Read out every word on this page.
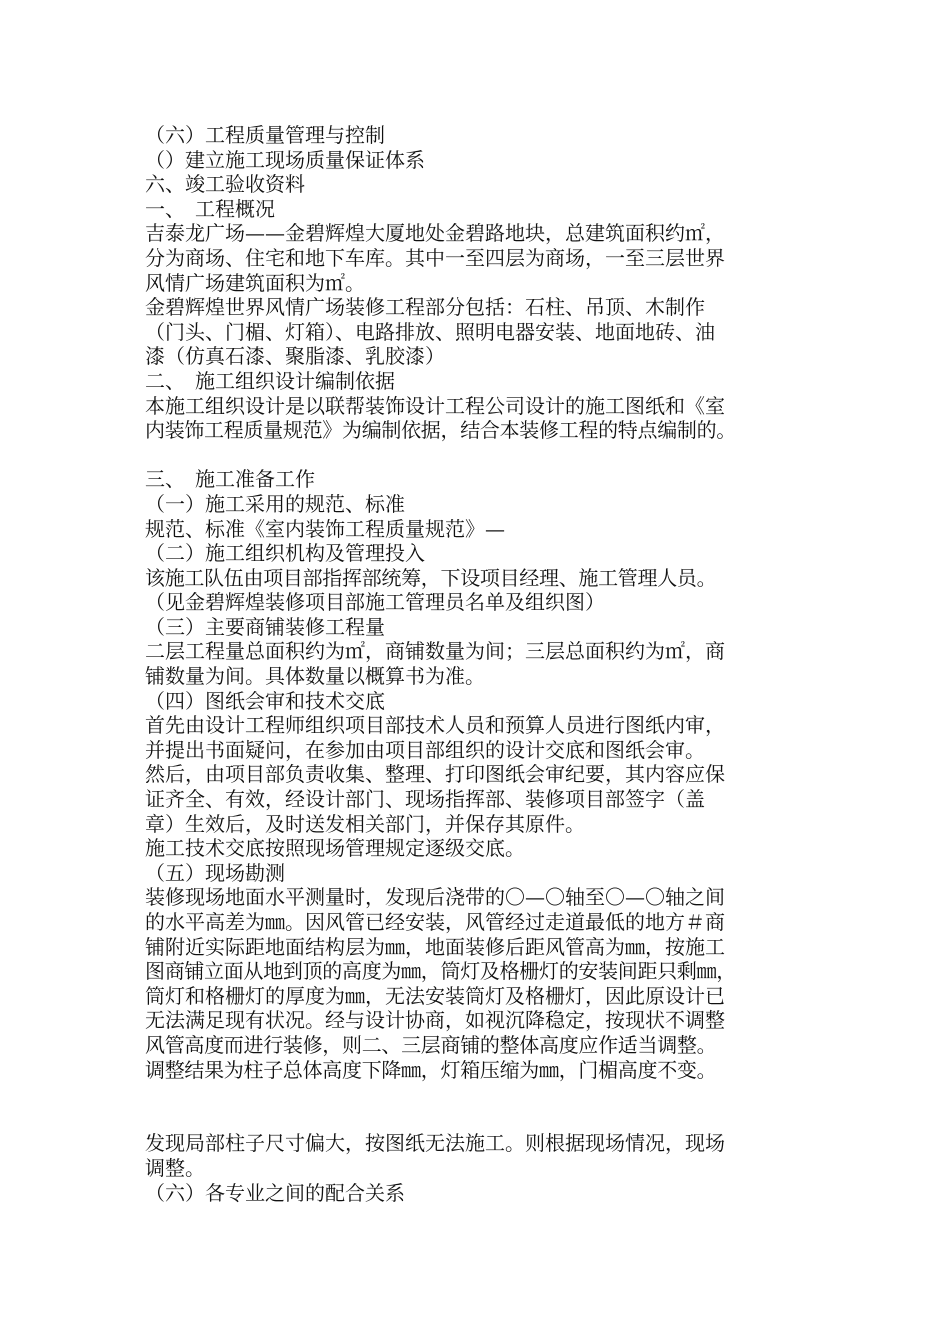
（六）工程质量管理与控制
（）建立施工现场质量保证体系
六、竣工验收资料
一、　工程概况
吉泰龙广场——金碧辉煌大厦地处金碧路地块，总建筑面积约㎡，
分为商场、住宅和地下车库。其中一至四层为商场，一至三层世界
风情广场建筑面积为㎡。
金碧辉煌世界风情广场装修工程部分包括：石柱、吊顶、木制作
（门头、门楣、灯箱）、电路排放、照明电器安装、地面地砖、油
漆（仿真石漆、聚脂漆、乳胶漆）
二、　施工组织设计编制依据
本施工组织设计是以联帮装饰设计工程公司设计的施工图纸和《室
内装饰工程质量规范》为编制依据，结合本装修工程的特点编制的。
三、　施工准备工作
（一）施工采用的规范、标准
规范、标准《室内装饰工程质量规范》—
（二）施工组织机构及管理投入
该施工队伍由项目部指挥部统筹，下设项目经理、施工管理人员。
（见金碧辉煌装修项目部施工管理员名单及组织图）
（三）主要商铺装修工程量
二层工程量总面积约为㎡，商铺数量为间；三层总面积约为㎡，商
铺数量为间。具体数量以概算书为准。
（四）图纸会审和技术交底
首先由设计工程师组织项目部技术人员和预算人员进行图纸内审，
并提出书面疑问，在参加由项目部组织的设计交底和图纸会审。
然后，由项目部负责收集、整理、打印图纸会审纪要，其内容应保
证齐全、有效，经设计部门、现场指挥部、装修项目部签字（盖
章）生效后，及时送发相关部门，并保存其原件。
施工技术交底按照现场管理规定逐级交底。
（五）现场勘测
装修现场地面水平测量时，发现后浇带的〇—〇轴至〇—〇轴之间
的水平高差为㎜。因风管已经安装，风管经过走道最低的地方＃商
铺附近实际距地面结构层为㎜，地面装修后距风管高为㎜，按施工
图商铺立面从地到顶的高度为㎜，筒灯及格栅灯的安装间距只剩㎜，
筒灯和格栅灯的厚度为㎜，无法安装筒灯及格栅灯，因此原设计已
无法满足现有状况。经与设计协商，如视沉降稳定，按现状不调整
风管高度而进行装修，则二、三层商铺的整体高度应作适当调整。
调整结果为柱子总体高度下降㎜，灯箱压缩为㎜，门楣高度不变。
发现局部柱子尺寸偏大，按图纸无法施工。则根据现场情况，现场
调整。
（六）各专业之间的配合关系
